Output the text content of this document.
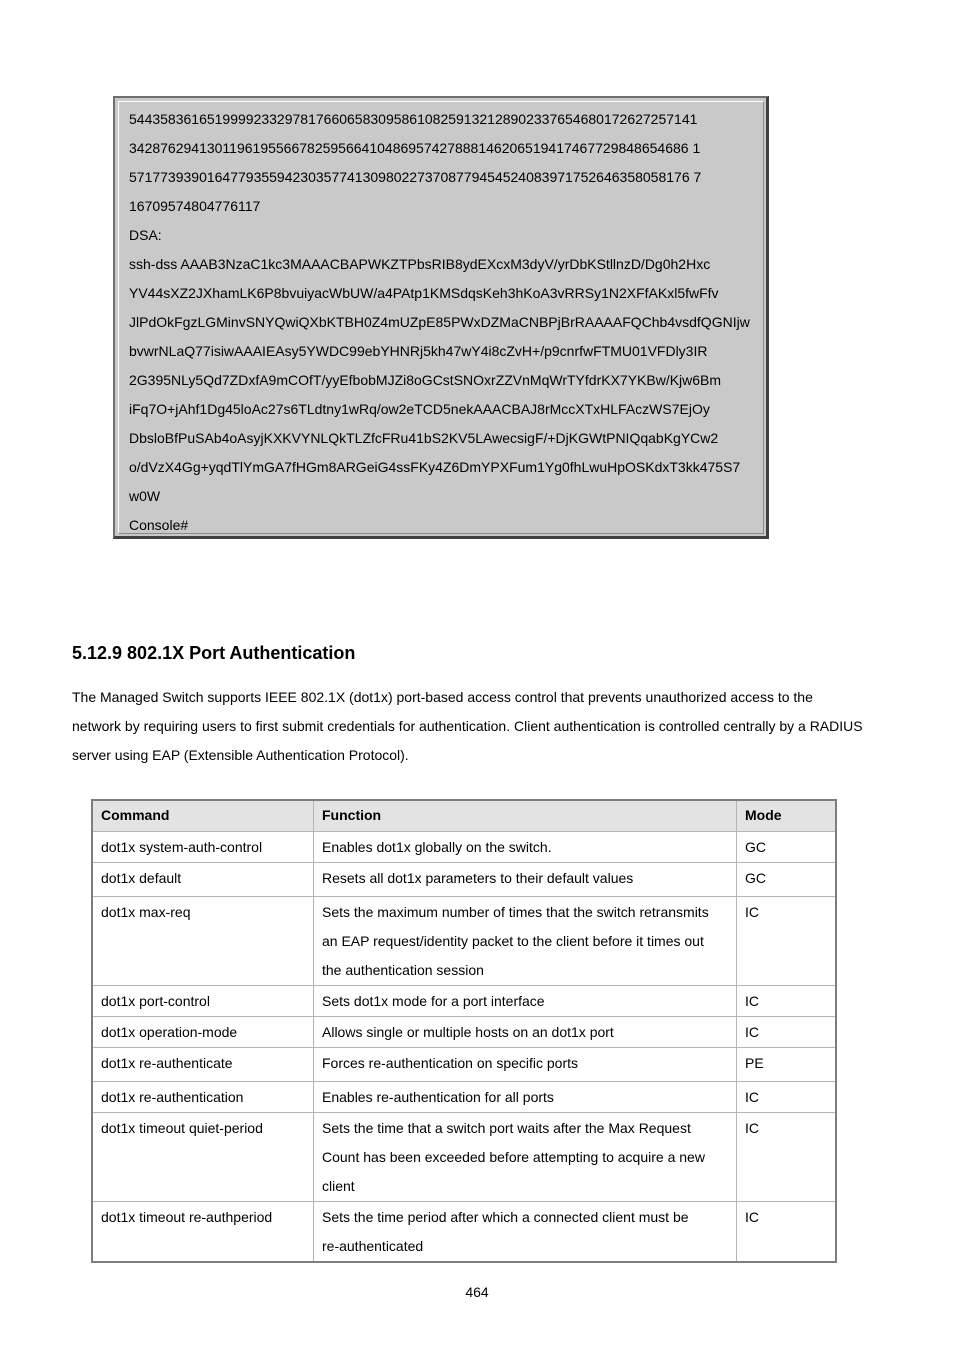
5443583616519999233297817660658309586108259132128902337654680172627257141
342876294130119619556678259566410486957427888146206519417467729848654686 1
571773939016477935594230357741309802273708779454524083971752646358058176 7
16709574804776117
DSA:
ssh-dss AAAB3NzaC1kc3MAAACBAPWKZTPbsRIB8ydEXcxM3dyV/yrDbKStllnzD/Dg0h2Hxc
YV44sXZ2JXhamLK6P8bvuiyacWbUW/a4PAtp1KMSdqsKeh3hKoA3vRRSy1N2XFfAKxl5fwFfv
JlPdOkFgzLGMinvSNYQwiQXbKTBH0Z4mUZpE85PWxDZMaCNBPjBrRAAAAFQChb4vsdfQGNIjw
bvwrNLaQ77isiwAAAIEAsy5YWDC99ebYHNRj5kh47wY4i8cZvH+/p9cnrfwFTMU01VFDly3IR
2G395NLy5Qd7ZDxfA9mCOfT/yyEfbobMJZi8oGCstSNOxrZZVnMqWrTYfdrKX7YKBw/Kjw6Bm
iFq7O+jAhf1Dg45loAc27s6TLdtny1wRq/ow2eTCD5nekAAACBAJ8rMccXTxHLFAczWS7EjOy
DbsloBfPuSAb4oAsyjKXKVYNLQkTLZfcFRu41bS2KV5LAwecsigF/+DjKGWtPNIQqabKgYCw2
o/dVzX4Gg+yqdTlYmGA7fHGm8ARGeiG4ssFKy4Z6DmYPXFum1Yg0fhLwuHpOSKdxT3kk475S7
w0W
Console#
5.12.9 802.1X Port Authentication
The Managed Switch supports IEEE 802.1X (dot1x) port-based access control that prevents unauthorized access to the
network by requiring users to first submit credentials for authentication. Client authentication is controlled centrally by a RADIUS
server using EAP (Extensible Authentication Protocol).
Command	Function	Mode
dot1x system-auth-control	Enables dot1x globally on the switch.	GC
dot1x default	Resets all dot1x parameters to their default values	GC
dot1x max-req	Sets the maximum number of times that the switch retransmits
an EAP request/identity packet to the client before it times out
the authentication session	IC
dot1x port-control	Sets dot1x mode for a port interface	IC
dot1x operation-mode	Allows single or multiple hosts on an dot1x port	IC
dot1x re-authenticate	Forces re-authentication on specific ports	PE
dot1x re-authentication	Enables re-authentication for all ports	IC
dot1x timeout quiet-period	Sets the time that a switch port waits after the Max Request
Count has been exceeded before attempting to acquire a new
client	IC
dot1x timeout re-authperiod	Sets the time period after which a connected client must be
re-authenticated	IC
464
